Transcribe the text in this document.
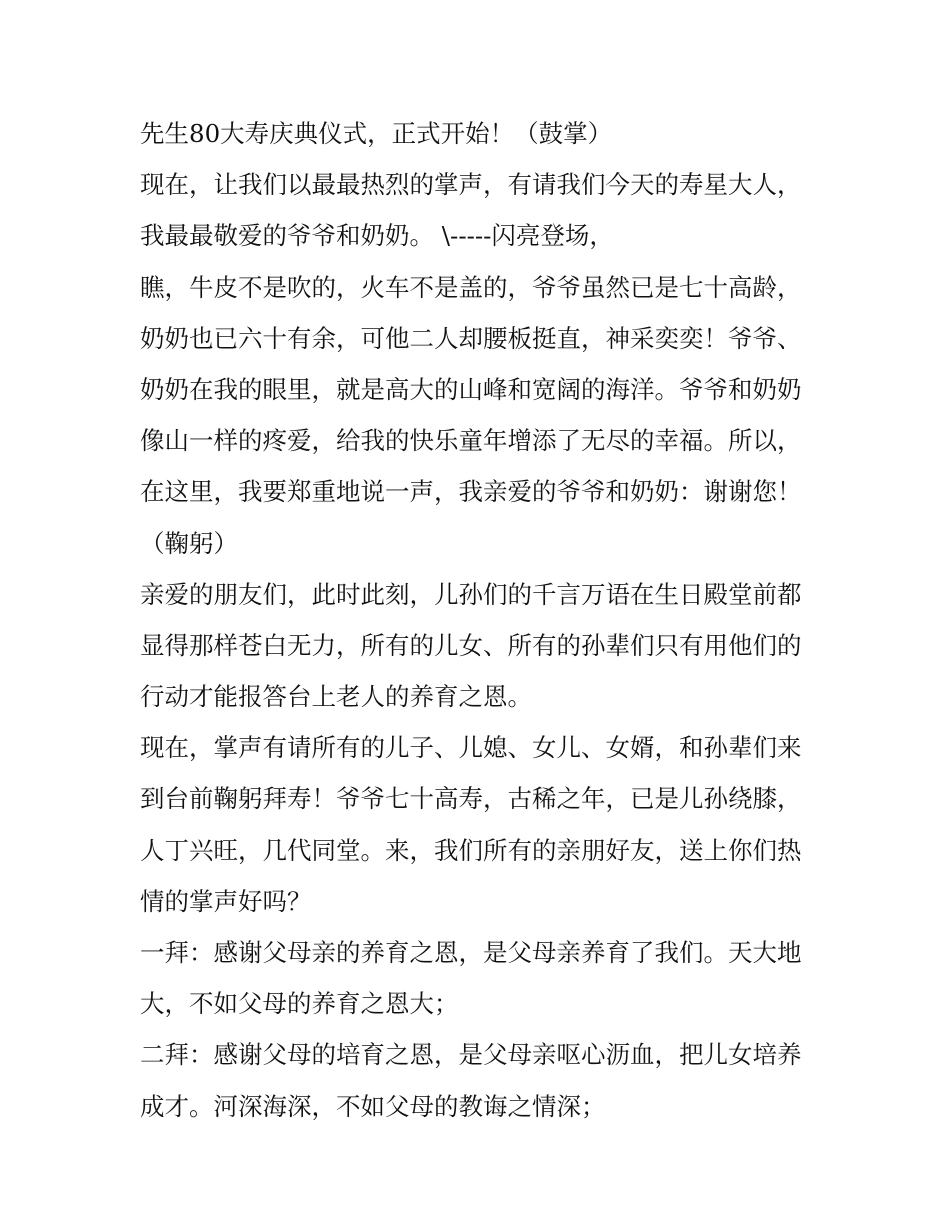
先生80大寿庆典仪式，正式开始！（鼓掌）
现在，让我们以最最热烈的掌声，有请我们今天的寿星大人，
我最最敬爱的爷爷和奶奶。 \-----闪亮登场，
瞧，牛皮不是吹的，火车不是盖的，爷爷虽然已是七十高龄，
奶奶也已六十有余，可他二人却腰板挺直，神采奕奕！爷爷、
奶奶在我的眼里，就是高大的山峰和宽阔的海洋。爷爷和奶奶
像山一样的疼爱，给我的快乐童年增添了无尽的幸福。所以，
在这里，我要郑重地说一声，我亲爱的爷爷和奶奶：谢谢您！
（鞠躬）
亲爱的朋友们，此时此刻，儿孙们的千言万语在生日殿堂前都
显得那样苍白无力，所有的儿女、所有的孙辈们只有用他们的
行动才能报答台上老人的养育之恩。
现在，掌声有请所有的儿子、儿媳、女儿、女婿，和孙辈们来
到台前鞠躬拜寿！爷爷七十高寿，古稀之年，已是儿孙绕膝，
人丁兴旺，几代同堂。来，我们所有的亲朋好友，送上你们热
情的掌声好吗？
一拜：感谢父母亲的养育之恩，是父母亲养育了我们。天大地
大，不如父母的养育之恩大；
二拜：感谢父母的培育之恩，是父母亲呕心沥血，把儿女培养
成才。河深海深，不如父母的教诲之情深；
